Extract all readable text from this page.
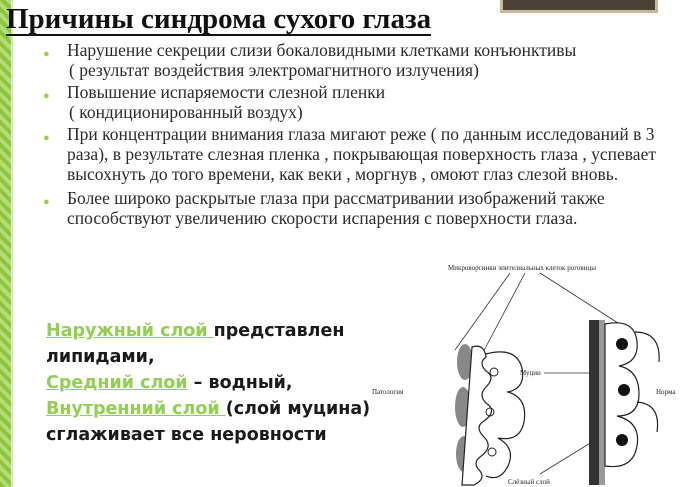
Причины синдрома сухого глаза
● Нарушение секреции слизи бокаловидными клетками конъюнктивы
( результат воздействия электромагнитного излучения)
● Повышение испаряемости слезной пленки
( кондиционированный воздух)
● При концентрации внимания глаза мигают реже ( по данным исследований в 3 раза), в результате слезная пленка , покрывающая поверхность глаза , успевает высохнуть до того времени, как веки , моргнув , омоют глаз слезой вновь.
● Более широко раскрытые глаза при рассматривании изображений также способствуют увеличению скорости испарения с поверхности глаза.
Наружный слой представлен липидами,
Средний слой – водный,
Внутренний слой (слой муцина) сглаживает все неровности
Микроворсинки эпителиальных клеток роговицы
Патология	Норма
Муцин
Слёзный слой
